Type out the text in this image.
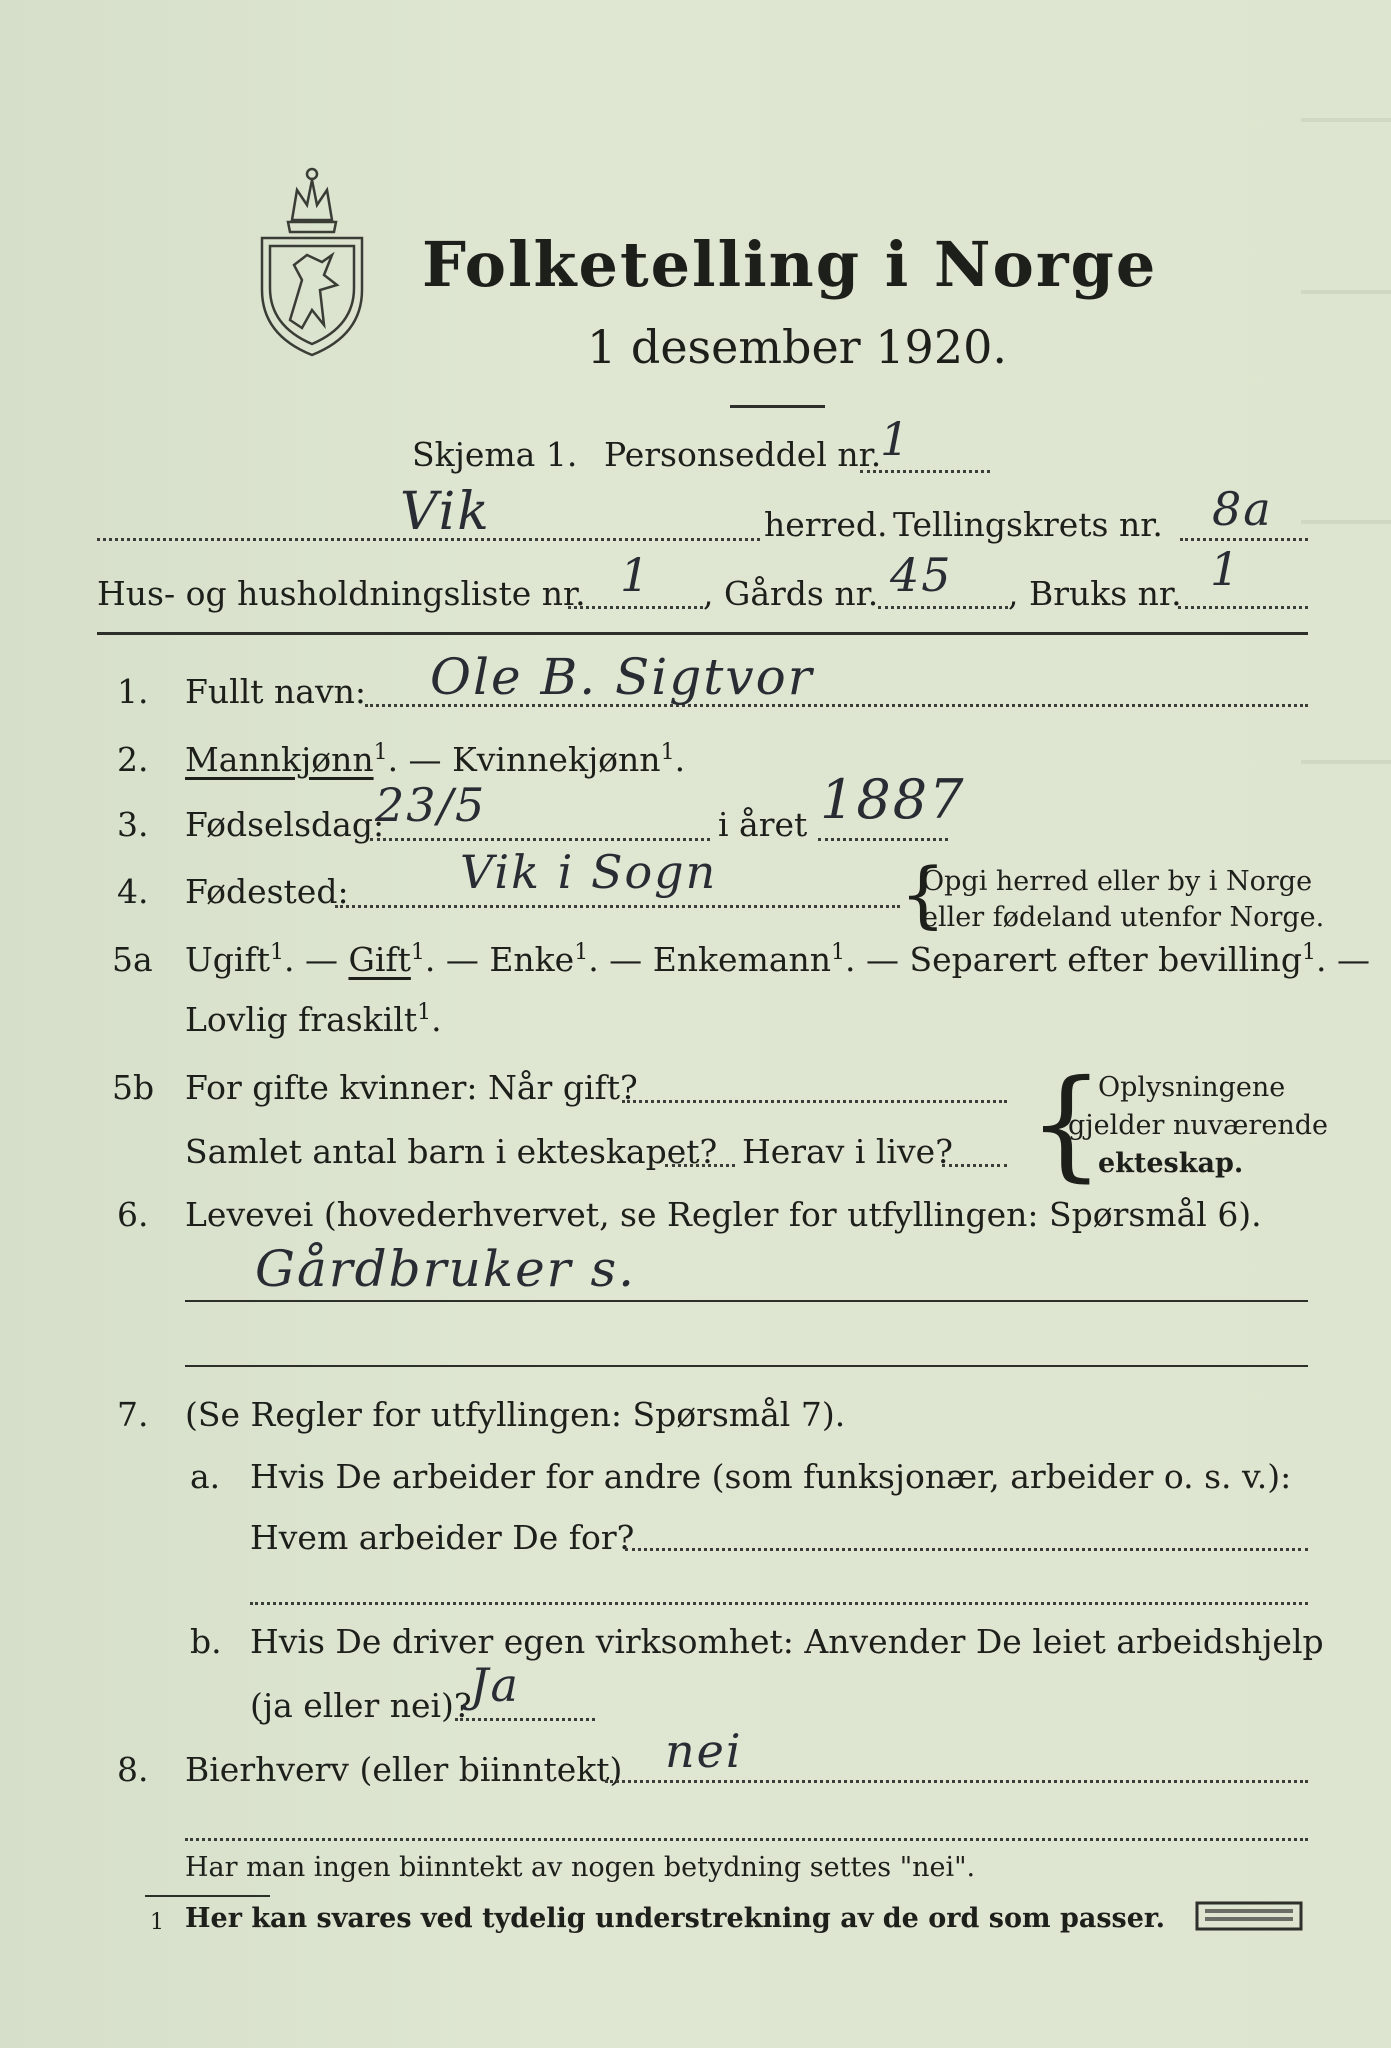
Folketelling i Norge
1 desember 1920.
Skjema 1. Personseddel nr.
1
Vik	herred. Tellingskrets nr. 8a
Hus- og husholdningsliste nr. 1 , Gårds nr. 45 , Bruks nr. 1
1. Fullt navn: Ole B. Sigtvor
2. Mannkjønn$^1$. — Kvinnekjønn$^1$.
3. Fødselsdag:
23/5	i året 1887
4. Fødested: Vik i Sogn	{
Opgi herred eller by i Norge
eller fødeland utenfor Norge.
5a Ugift$^1$. — Gift$^1$. — Enke$^1$. — Enkemann$^1$. — Separert efter bevilling$^1$. —
Lovlig fraskilt$^1$.
5b For gifte kvinner: Når gift?
Samlet antal barn i ekteskapet? Herav i live? {
Oplysningene
gjelder nuværende
ekteskap.
6. Levevei (hovederhvervet, se Regler for utfyllingen: Spørsmål 6).
Gårdbruker s.
7. (Se Regler for utfyllingen: Spørsmål 7).
a. Hvis De arbeider for andre (som funksjonær, arbeider o. s. v.):
Hvem arbeider De for?
b. Hvis De driver egen virksomhet: Anvender De leiet arbeidshjelp
(ja eller nei)?
Ja
8. Bierhverv (eller biinntekt) nei
Har man ingen biinntekt av nogen betydning settes "nei".
1 Her kan svares ved tydelig understrekning av de ord som passer.
